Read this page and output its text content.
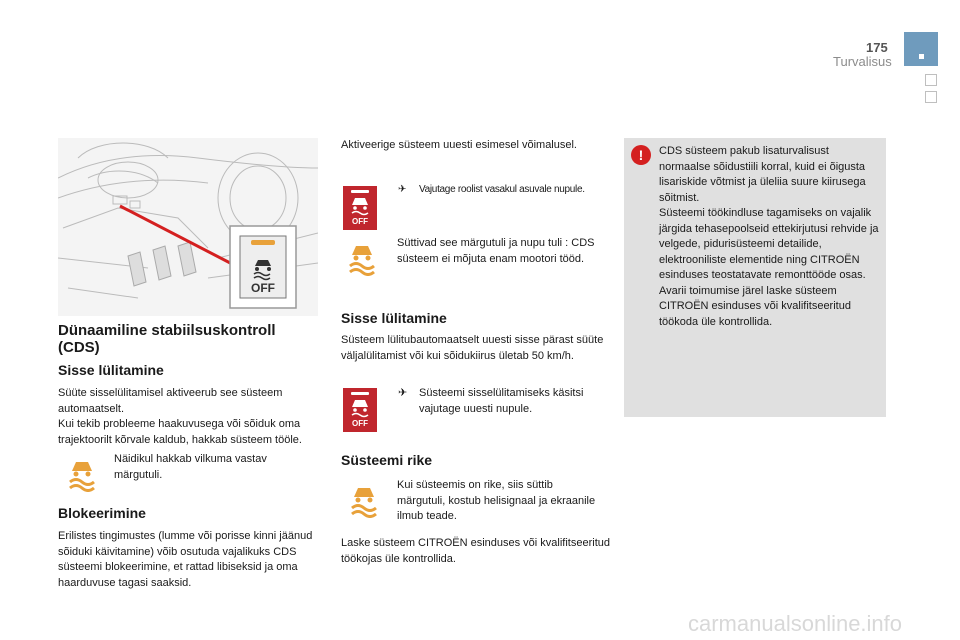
175
Turvalisus
OFF
Dünaamiline stabiilsuskontroll (CDS)
Sisse lülitamine
Süüte sisselülitamisel aktiveerub see süsteem automaatselt.
Kui tekib probleeme haakuvusega või sõiduk oma trajektoorilt kõrvale kaldub, hakkab süsteem tööle.
Näidikul hakkab vilkuma vastav märgutuli.
Blokeerimine
Erilistes tingimustes (lumme või porisse kinni jäänud sõiduki käivitamine) võib osutuda vajalikuks CDS süsteemi blokeerimine, et rattad libiseksid ja oma haarduvuse tagasi saaksid.
Aktiveerige süsteem uuesti esimesel võimalusel.
OFF
✈ Vajutage roolist vasakul asuvale nupule.
Süttivad see märgutuli ja nupu tuli : CDS süsteem ei mõjuta enam mootori tööd.
Sisse lülitamine
Süsteem lülitubautomaatselt uuesti sisse pärast süüte väljalülitamist või kui sõidukiirus ületab 50 km/h.
OFF
✈ Süsteemi sisselülitamiseks käsitsi vajutage uuesti nupule.
Süsteemi rike
Kui süsteemis on rike, siis süttib märgutuli, kostub helisignaal ja ekraanile ilmub teade.
Laske süsteem CITROËN esinduses või kvalifitseeritud töökojas üle kontrollida.
!	CDS süsteem pakub lisaturvalisust normaalse sõidustiili korral, kuid ei õigusta lisariskide võtmist ja üleliia suure kiirusega sõitmist.
Süsteemi töökindluse tagamiseks on vajalik järgida tehasepoolseid ettekirjutusi rehvide ja velgede, pidurisüsteemi detailide, elektrooniliste elementide ning CITROËN esinduses teostatavate remonttööde osas.
Avarii toimumise järel laske süsteem CITROËN esinduses või kvalifitseeritud töökoda üle kontrollida.
carmanualsonline.info
